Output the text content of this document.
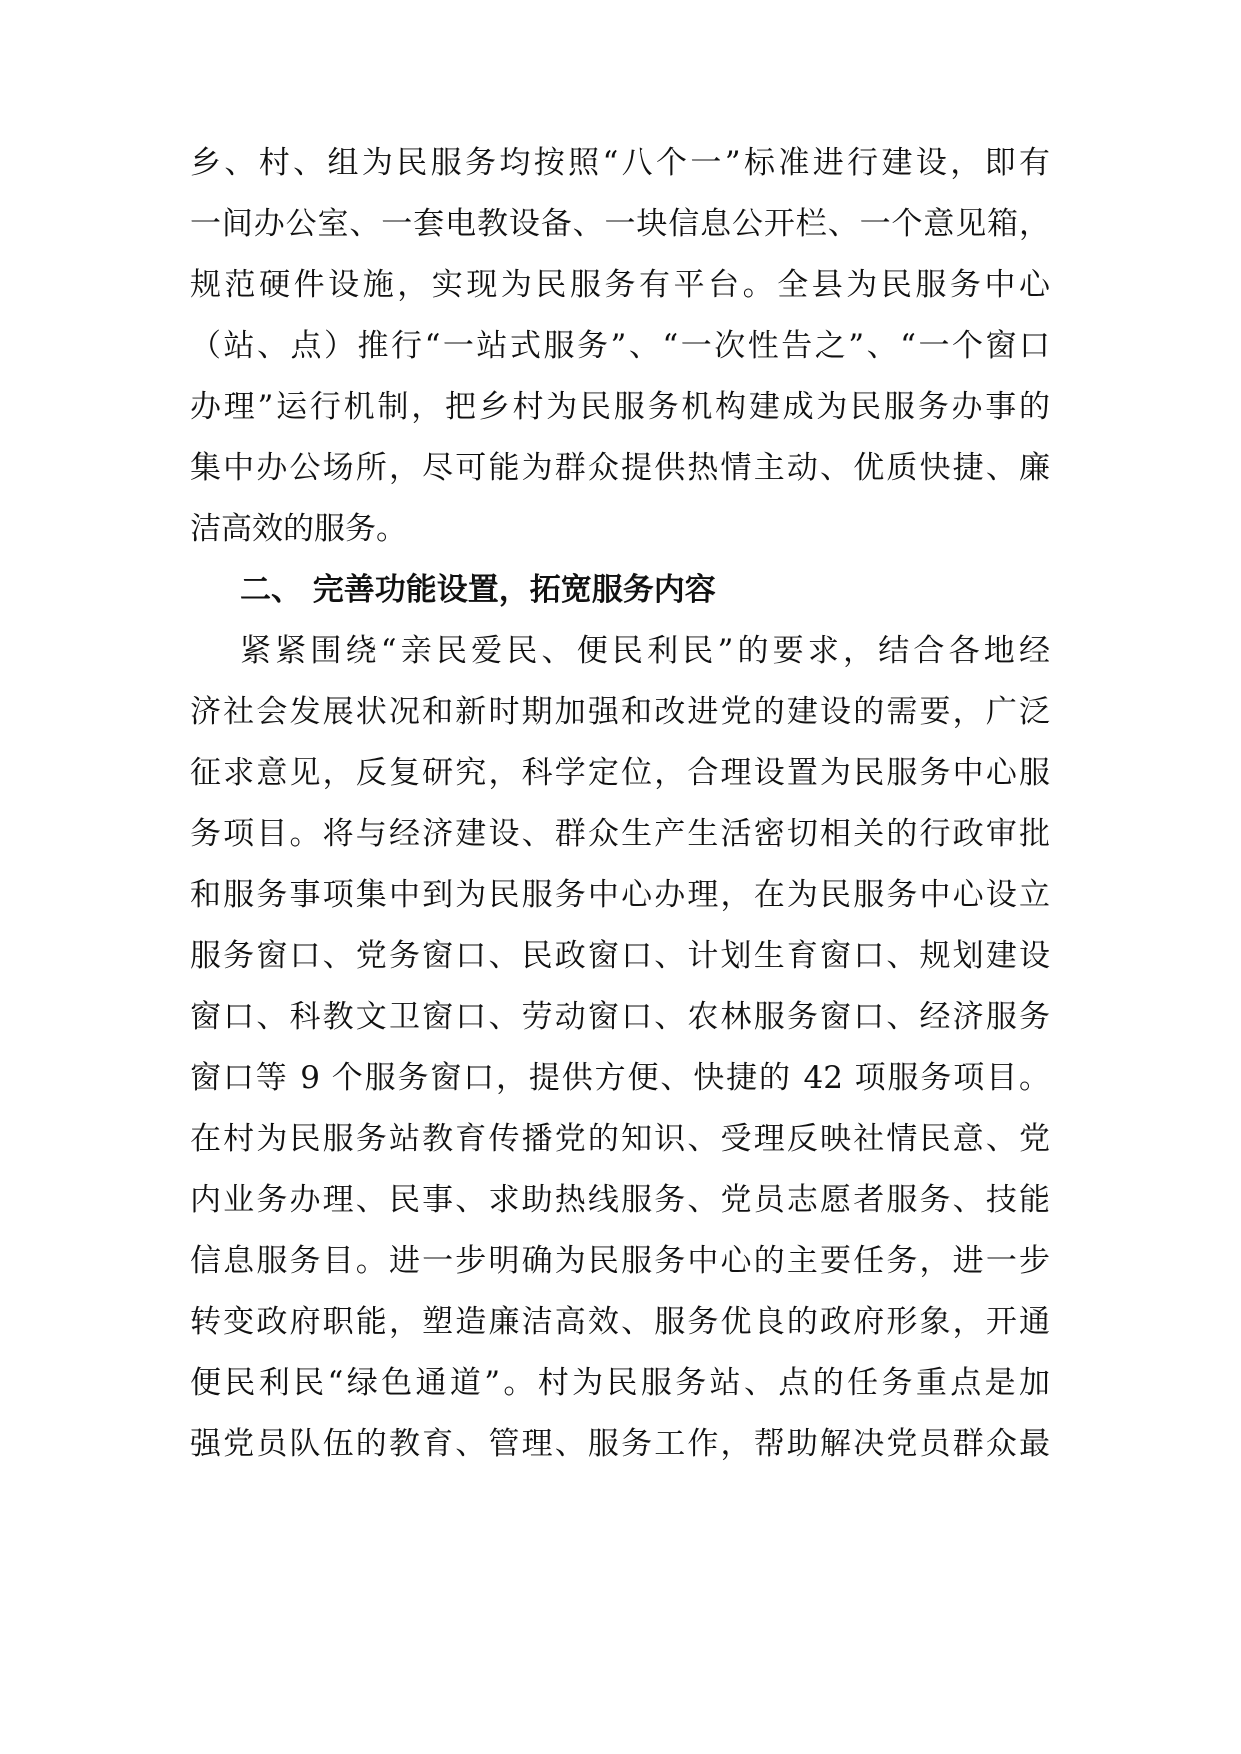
乡、村、组为民服务均按照“八个一”标准进行建设，即有
一间办公室、一套电教设备、一块信息公开栏、一个意见箱，
规范硬件设施，实现为民服务有平台。全县为民服务中心
（站、点）推行“一站式服务”、“一次性告之”、“一个窗口
办理”运行机制，把乡村为民服务机构建成为民服务办事的
集中办公场所，尽可能为群众提供热情主动、优质快捷、廉
洁高效的服务。
二、 完善功能设置，拓宽服务内容
紧紧围绕“亲民爱民、便民利民”的要求，结合各地经
济社会发展状况和新时期加强和改进党的建设的需要，广泛
征求意见，反复研究，科学定位，合理设置为民服务中心服
务项目。将与经济建设、群众生产生活密切相关的行政审批
和服务事项集中到为民服务中心办理，在为民服务中心设立
服务窗口、党务窗口、民政窗口、计划生育窗口、规划建设
窗口、科教文卫窗口、劳动窗口、农林服务窗口、经济服务
窗口等 9 个服务窗口，提供方便、快捷的 42 项服务项目。
在村为民服务站教育传播党的知识、受理反映社情民意、党
内业务办理、民事、求助热线服务、党员志愿者服务、技能
信息服务目。进一步明确为民服务中心的主要任务，进一步
转变政府职能，塑造廉洁高效、服务优良的政府形象，开通
便民利民“绿色通道”。村为民服务站、点的任务重点是加
强党员队伍的教育、管理、服务工作，帮助解决党员群众最
